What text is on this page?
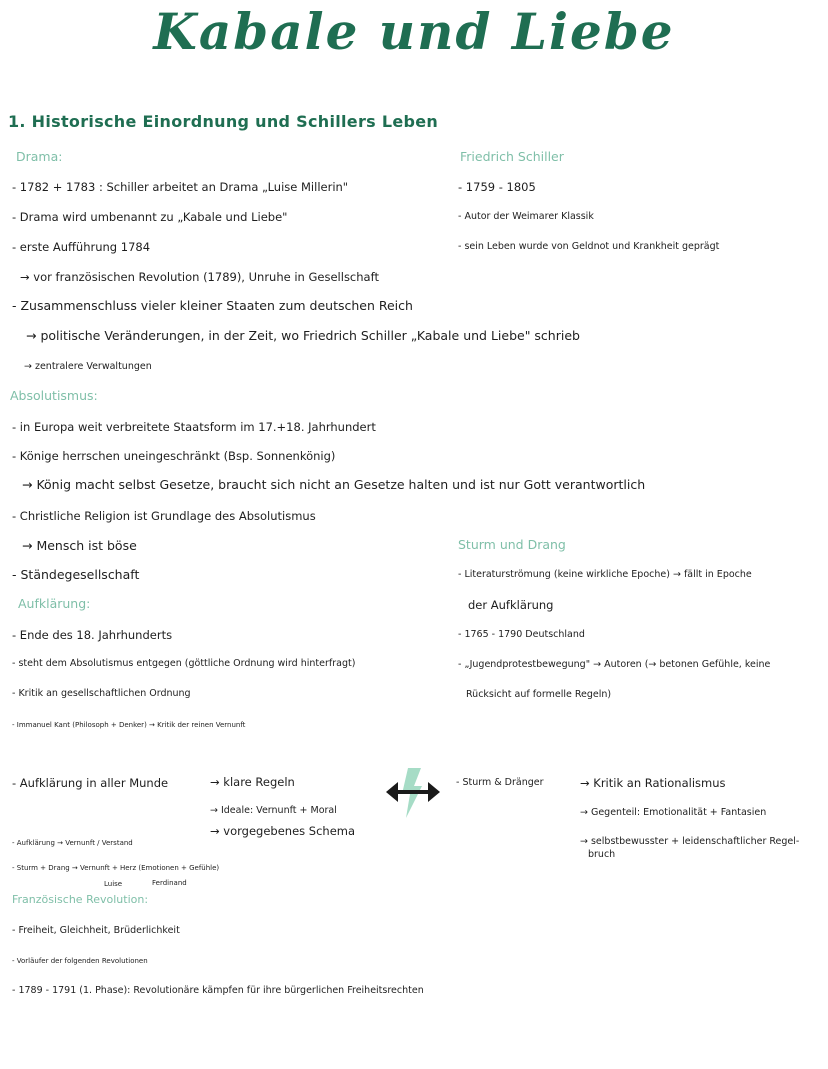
Kabale und Liebe
1. Historische Einordnung und Schillers Leben
Drama:
- 1782 + 1783 : Schiller arbeitet an Drama „Luise Millerin"
- Drama wird umbenannt zu „Kabale und Liebe"
- erste Aufführung 1784
→ vor französischen Revolution (1789), Unruhe in Gesellschaft
- Zusammenschluss vieler kleiner Staaten zum deutschen Reich
→ politische Veränderungen, in der Zeit, wo Friedrich Schiller „Kabale und Liebe" schrieb
→ zentralere Verwaltungen
Friedrich Schiller
- 1759 - 1805
- Autor der Weimarer Klassik
- sein Leben wurde von Geldnot und Krankheit geprägt
Absolutismus:
- in Europa weit verbreitete Staatsform im 17.+18. Jahrhundert
- Könige herrschen uneingeschränkt (Bsp. Sonnenkönig)
→ König macht selbst Gesetze, braucht sich nicht an Gesetze halten und ist nur Gott verantwortlich
- Christliche Religion ist Grundlage des Absolutismus
→ Mensch ist böse
- Ständegesellschaft
Sturm und Drang
- Literaturströmung (keine wirkliche Epoche) → fällt in Epoche
der Aufklärung
- 1765 - 1790 Deutschland
- „Jugendprotestbewegung" → Autoren (→ betonen Gefühle, keine
Rücksicht auf formelle Regeln)
Aufklärung:
- Ende des 18. Jahrhunderts
- steht dem Absolutismus entgegen (göttliche Ordnung wird hinterfragt)
- Kritik an gesellschaftlichen Ordnung
- Immanuel Kant (Philosoph + Denker) → Kritik der reinen Vernunft
- Aufklärung in aller Munde	→ klare Regeln
→ Ideale: Vernunft + Moral
→ vorgegebenes Schema
- Aufklärung → Vernunft / Verstand
- Sturm + Drang → Vernunft + Herz (Emotionen + Gefühle)
Luise	Ferdinand
- Sturm & Dränger	→ Kritik an Rationalismus
→ Gegenteil: Emotionalität + Fantasien
→ selbstbewusster + leidenschaftlicher Regel-
bruch
Französische Revolution:
- Freiheit, Gleichheit, Brüderlichkeit
- Vorläufer der folgenden Revolutionen
- 1789 - 1791 (1. Phase): Revolutionäre kämpfen für ihre bürgerlichen Freiheitsrechten
